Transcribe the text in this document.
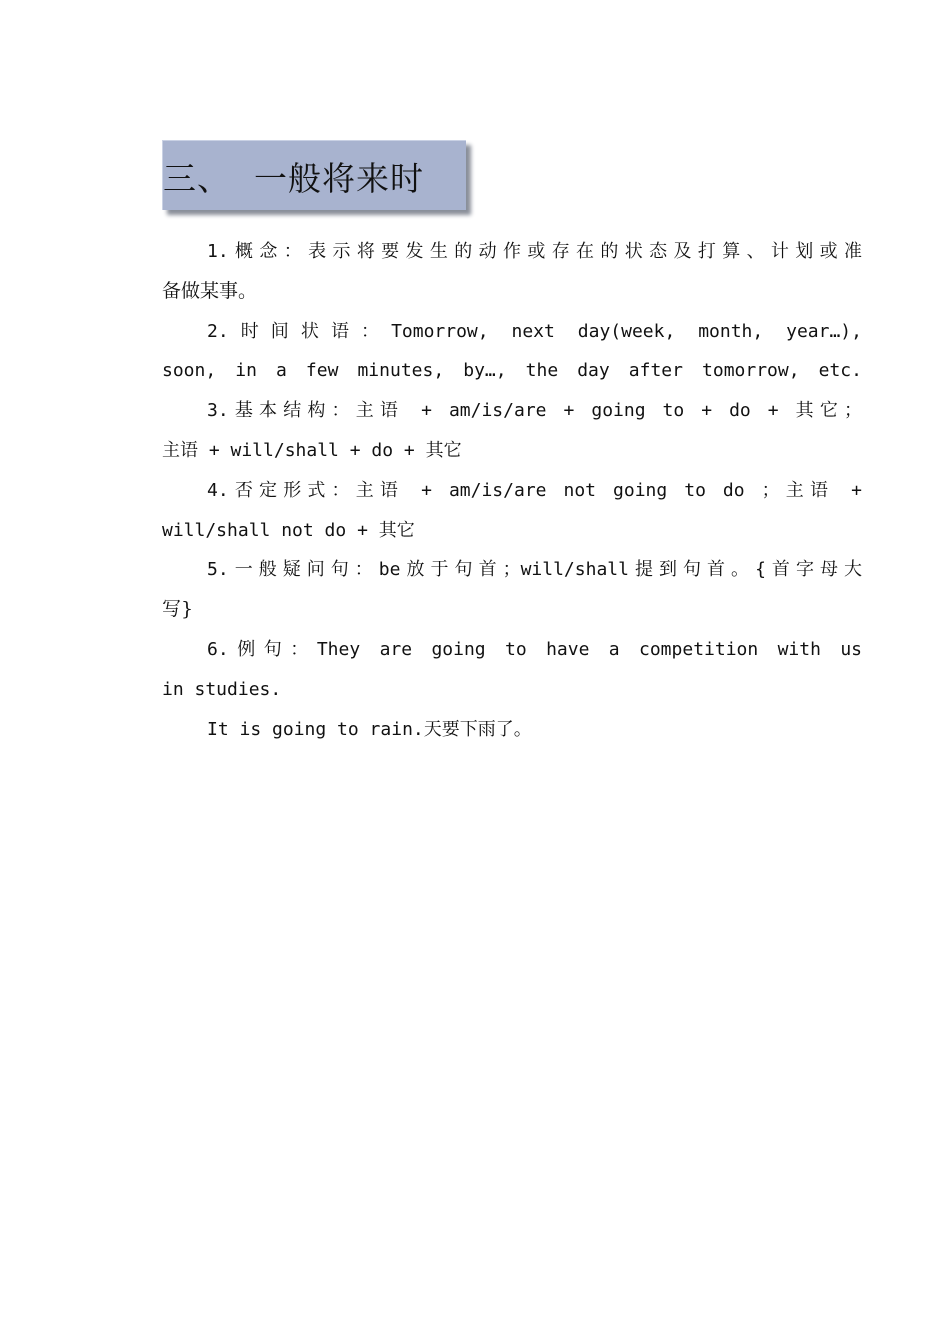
三、  一般将来时
1.概念：表示将要发生的动作或存在的状态及打算、计划或准
备做某事。
2.时间状语：Tomorrow, next day(week, month, year…),
soon, in a few minutes, by…, the day after tomorrow, etc.
3.基本结构：主语 + am/is/are + going to + do + 其它；
主语 + will/shall + do + 其它
4.否定形式：主语 + am/is/are not going to do ；主语 +
will/shall not do + 其它
5.一般疑问句：be放于句首；will/shall提到句首。{首字母大
写}
6.例句：They are going to have a competition with us
in studies.
It is going to rain.天要下雨了。
